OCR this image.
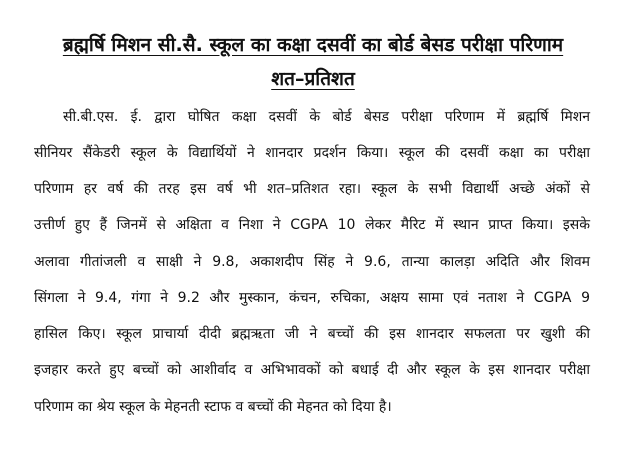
ब्रह्मर्षि मिशन सी.सै. स्कूल का कक्षा दसवीं का बोर्ड बेसड परीक्षा परिणाम
शत–प्रतिशत
सी.बी.एस. ई. द्वारा घोषित कक्षा दसवीं के बोर्ड बेसड परीक्षा परिणाम में ब्रह्मर्षि मिशन
सीनियर सैंकेडरी स्कूल के विद्यार्थियों ने शानदार प्रदर्शन किया। स्कूल की दसवीं कक्षा का परीक्षा
परिणाम हर वर्ष की तरह इस वर्ष भी शत–प्रतिशत रहा। स्कूल के सभी विद्यार्थी अच्छे अंकों से
उत्तीर्ण हुए हैं जिनमें से अक्षिता व निशा ने CGPA 10 लेकर मैरिट में स्थान प्राप्त किया। इसके
अलावा गीतांजली व साक्षी ने 9.8, अकाशदीप सिंह ने 9.6, तान्या कालड़ा अदिति और शिवम
सिंगला ने 9.4, गंगा ने 9.2 और मुस्कान, कंचन, रुचिका, अक्षय सामा एवं नताश ने CGPA 9
हासिल किए। स्कूल प्राचार्या दीदी ब्रह्मऋता जी ने बच्चों की इस शानदार सफलता पर खुशी की
इजहार करते हुए बच्चों को आशीर्वाद व अभिभावकों को बधाई दी और स्कूल के इस शानदार परीक्षा
परिणाम का श्रेय स्कूल के मेहनती स्टाफ व बच्चों की मेहनत को दिया है।
